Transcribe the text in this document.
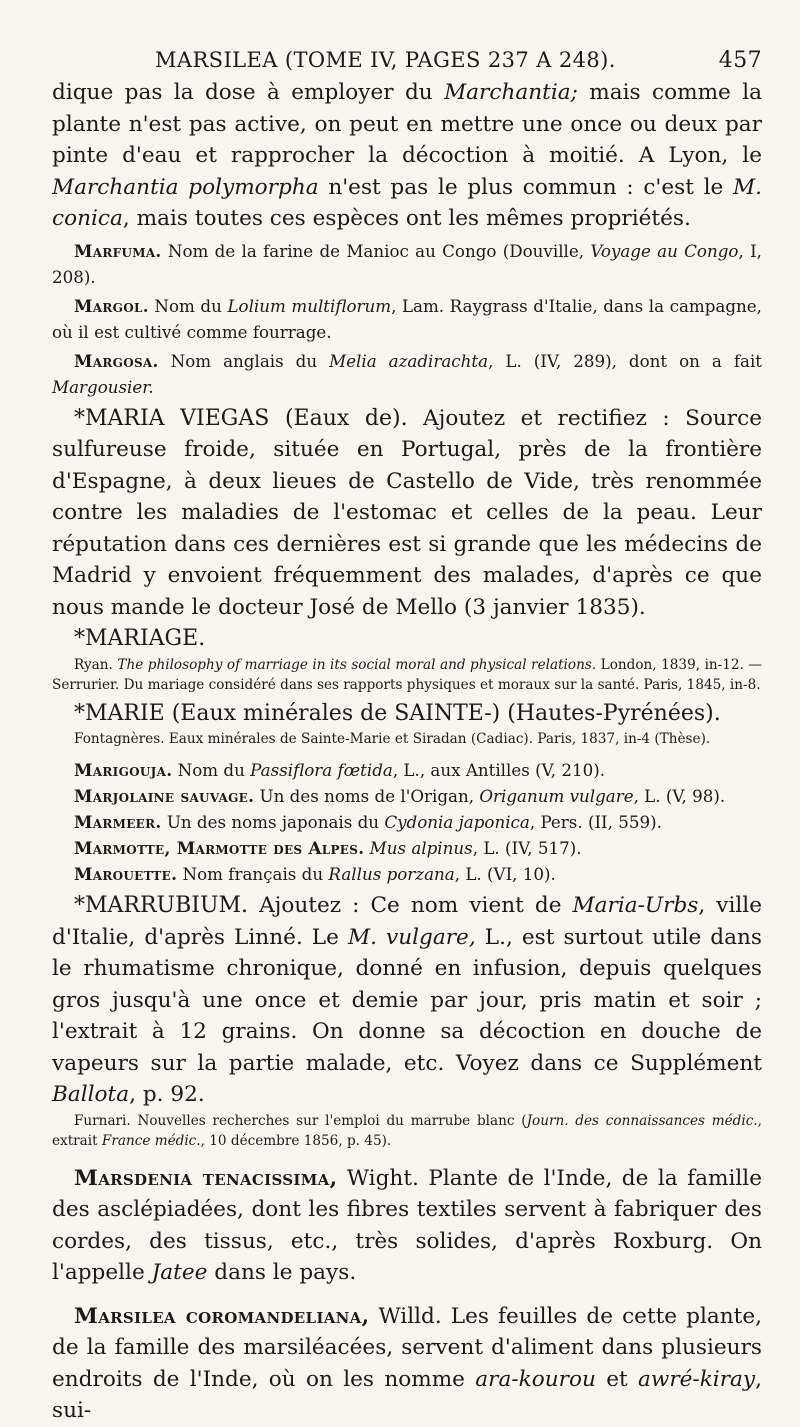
MARSILEA (TOME IV, PAGES 237 A 248).	457

dique pas la dose à employer du Marchantia; mais comme la plante n'est pas active, on peut en mettre une once ou deux par pinte d'eau et rapprocher la décoction à moitié. A Lyon, le Marchantia polymorpha n'est pas le plus commun : c'est le M. conica, mais toutes ces espèces ont les mêmes propriétés.

Marfuma. Nom de la farine de Manioc au Congo (Douville, Voyage au Congo, I, 208).

Margol. Nom du Lolium multiflorum, Lam. Raygrass d'Italie, dans la campagne, où il est cultivé comme fourrage.

Margosa. Nom anglais du Melia azadirachta, L. (IV, 289), dont on a fait Margousier.

*MARIA VIEGAS (Eaux de). Ajoutez et rectifiez : Source sulfureuse froide, située en Portugal, près de la frontière d'Espagne, à deux lieues de Castello de Vide, très renommée contre les maladies de l'estomac et celles de la peau. Leur réputation dans ces dernières est si grande que les médecins de Madrid y envoient fréquemment des malades, d'après ce que nous mande le docteur José de Mello (3 janvier 1835).

*MARIAGE.

Ryan. The philosophy of marriage in its social moral and physical relations. London, 1839, in-12. — Serrurier. Du mariage considéré dans ses rapports physiques et moraux sur la santé. Paris, 1845, in-8.

*MARIE (Eaux minérales de SAINTE-) (Hautes-Pyrénées).

Fontagnères. Eaux minérales de Sainte-Marie et Siradan (Cadiac). Paris, 1837, in-4 (Thèse).

Marigouja. Nom du Passiflora fœtida, L., aux Antilles (V, 210).

Marjolaine sauvage. Un des noms de l'Origan, Origanum vulgare, L. (V, 98).

Marmeer. Un des noms japonais du Cydonia japonica, Pers. (II, 559).

Marmotte, Marmotte des Alpes. Mus alpinus, L. (IV, 517).

Marouette. Nom français du Rallus porzana, L. (VI, 10).

*MARRUBIUM. Ajoutez : Ce nom vient de Maria-Urbs, ville d'Italie, d'après Linné. Le M. vulgare, L., est surtout utile dans le rhumatisme chronique, donné en infusion, depuis quelques gros jusqu'à une once et demie par jour, pris matin et soir ; l'extrait à 12 grains. On donne sa décoction en douche de vapeurs sur la partie malade, etc. Voyez dans ce Supplément Ballota, p. 92.

Furnari. Nouvelles recherches sur l'emploi du marrube blanc (Journ. des connaissances médic., extrait France médic., 10 décembre 1856, p. 45).

Marsdenia tenacissima, Wight. Plante de l'Inde, de la famille des asclépiadées, dont les fibres textiles servent à fabriquer des cordes, des tissus, etc., très solides, d'après Roxburg. On l'appelle Jatee dans le pays.

Marsilea coromandeliana, Willd. Les feuilles de cette plante, de la famille des marsiléacées, servent d'aliment dans plusieurs endroits de l'Inde, où on les nomme ara-kourou et awré-kiray, sui-
